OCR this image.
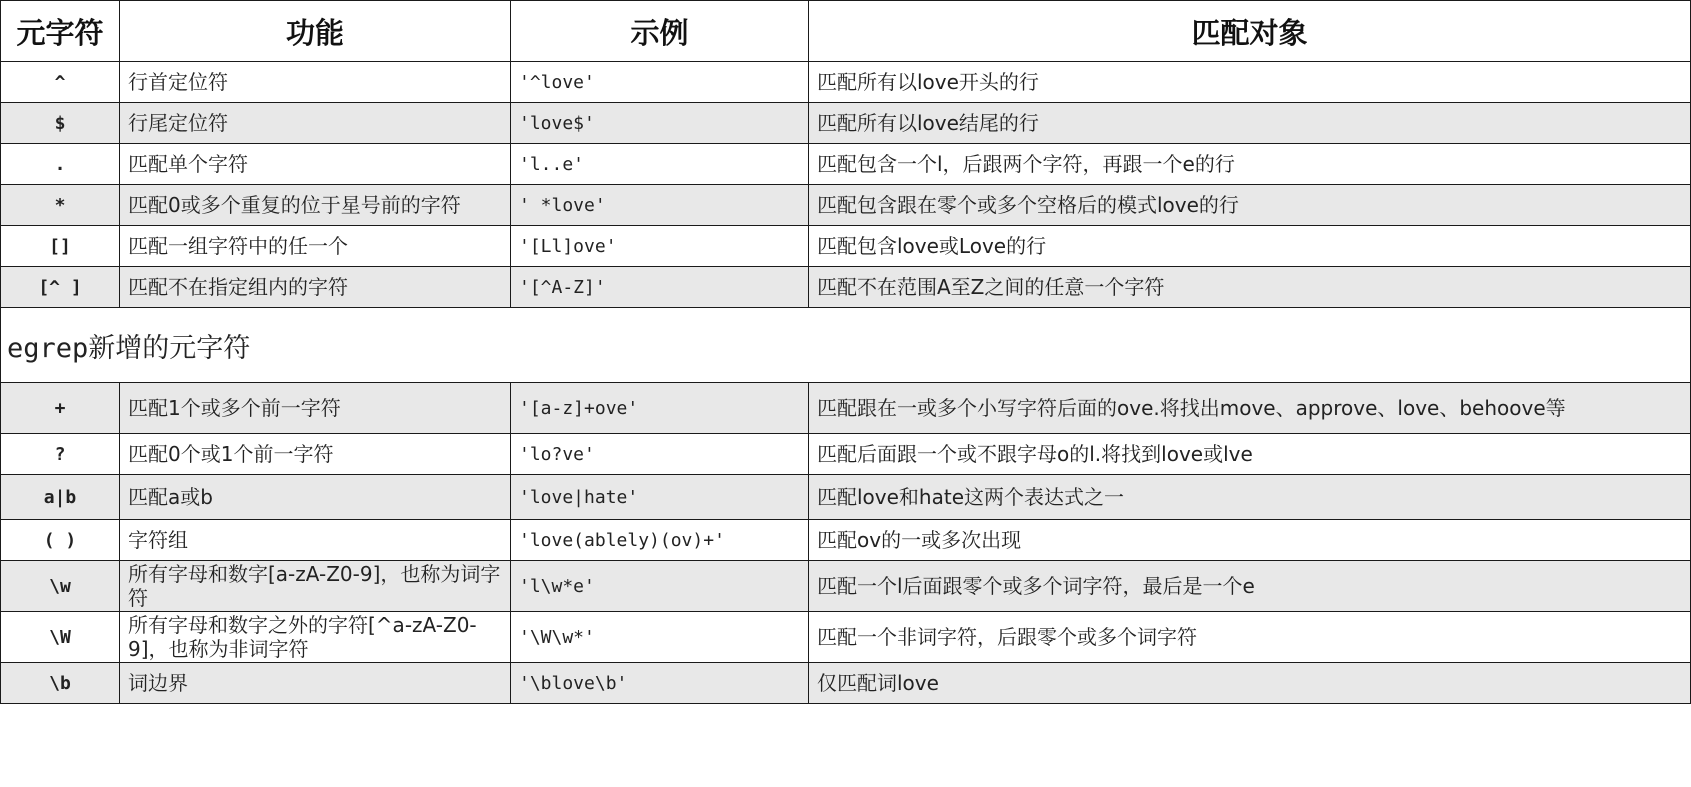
元字符	功能	示例	匹配对象
^	行首定位符	'^love'	匹配所有以love开头的行
$	行尾定位符	'love$'	匹配所有以love结尾的行
.	匹配单个字符	'l..e'	匹配包含一个l，后跟两个字符，再跟一个e的行
*	匹配0或多个重复的位于星号前的字符	' *love'	匹配包含跟在零个或多个空格后的模式love的行
[]	匹配一组字符中的任一个	'[Ll]ove'	匹配包含love或Love的行
[^ ]	匹配不在指定组内的字符	'[^A-Z]'	匹配不在范围A至Z之间的任意一个字符
egrep新增的元字符			
+	匹配1个或多个前一字符	'[a-z]+ove'	匹配跟在一或多个小写字符后面的ove.将找出move、approve、love、behoove等
?	匹配0个或1个前一字符	'lo?ve'	匹配后面跟一个或不跟字母o的l.将找到love或lve
a|b	匹配a或b	'love|hate'	匹配love和hate这两个表达式之一
( )	字符组	'love(ablely)(ov)+'	匹配ov的一或多次出现
\w	所有字母和数字[a-zA-Z0-9]，也称为词字符	'l\w*e'	匹配一个l后面跟零个或多个词字符，最后是一个e
\W	所有字母和数字之外的字符[^a-zA-Z0-9]，也称为非词字符	'\W\w*'	匹配一个非词字符，后跟零个或多个词字符
\b	词边界	'\blove\b'	仅匹配词love
